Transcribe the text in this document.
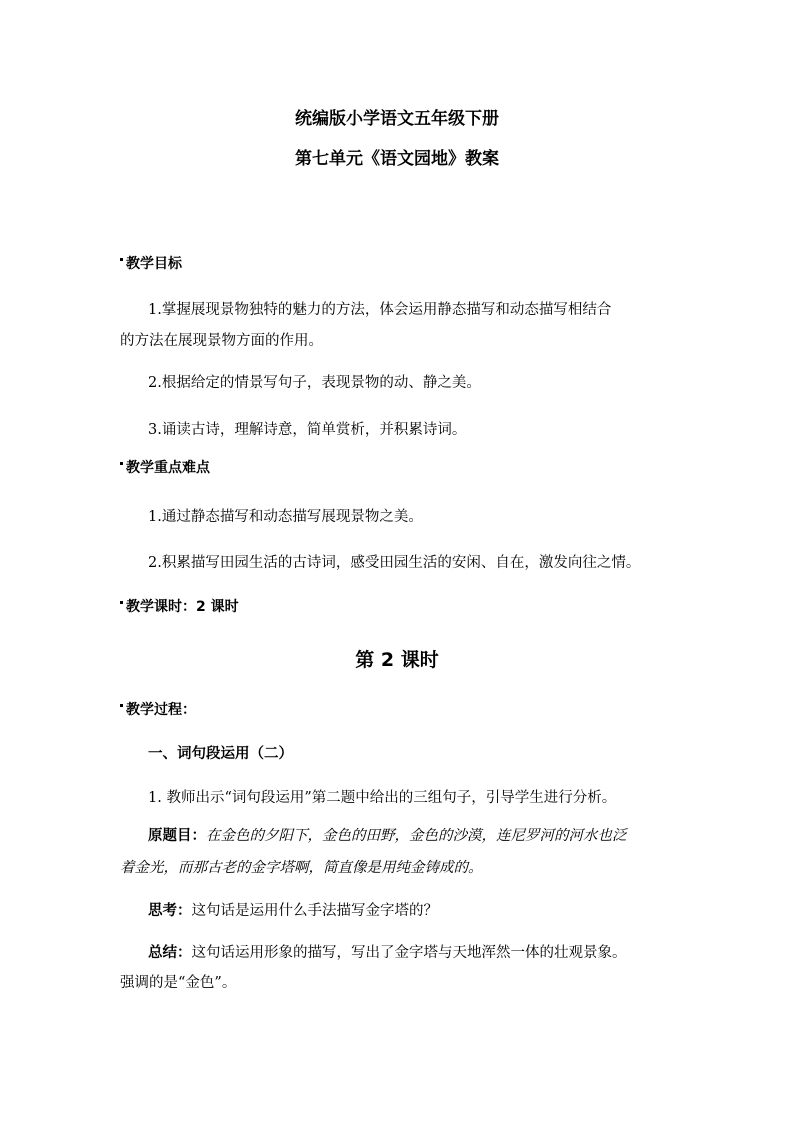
统编版小学语文五年级下册
第七单元《语文园地》教案
教学目标
1.掌握展现景物独特的魅力的方法，体会运用静态描写和动态描写相结合
的方法在展现景物方面的作用。
2.根据给定的情景写句子，表现景物的动、静之美。
3.诵读古诗，理解诗意，简单赏析，并积累诗词。
教学重点难点
1.通过静态描写和动态描写展现景物之美。
2.积累描写田园生活的古诗词，感受田园生活的安闲、自在，激发向往之情。
教学课时：2 课时
第 2 课时
教学过程：
一、词句段运用（二）
1. 教师出示“词句段运用”第二题中给出的三组句子，引导学生进行分析。
原题目：在金色的夕阳下，金色的田野，金色的沙漠，连尼罗河的河水也泛
着金光，而那古老的金字塔啊，简直像是用纯金铸成的。
思考：这句话是运用什么手法描写金字塔的？
总结：这句话运用形象的描写，写出了金字塔与天地浑然一体的壮观景象。
强调的是“金色”。
